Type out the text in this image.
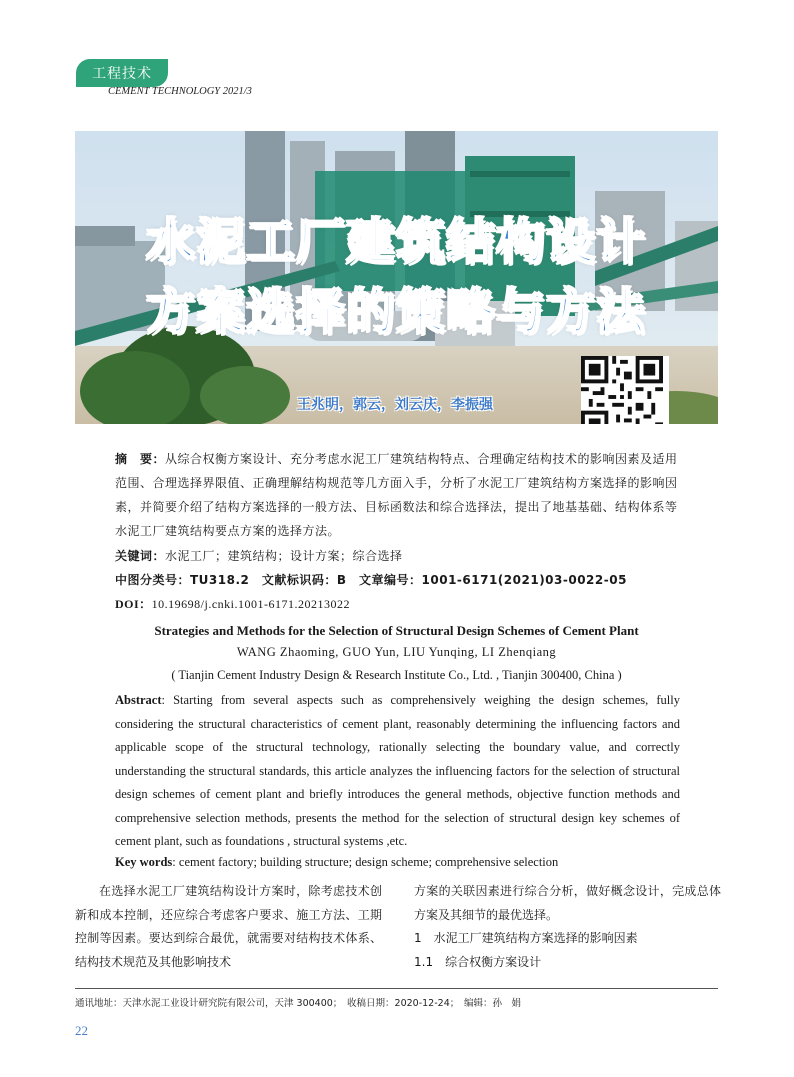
工程技术
CEMENT TECHNOLOGY 2021/3
水泥工厂建筑结构设计
方案选择的策略与方法
王兆明，郭云，刘云庆，李振强
摘　要：从综合权衡方案设计、充分考虑水泥工厂建筑结构特点、合理确定结构技术的影响因素及适用范围、合理选择界限值、正确理解结构规范等几方面入手，分析了水泥工厂建筑结构方案选择的影响因素，并简要介绍了结构方案选择的一般方法、目标函数法和综合选择法，提出了地基基础、结构体系等水泥工厂建筑结构要点方案的选择方法。
关键词：水泥工厂；建筑结构；设计方案；综合选择
中图分类号：TU318.2　文献标识码：B　文章编号：1001-6171(2021)03-0022-05
DOI：10.19698/j.cnki.1001-6171.20213022
Strategies and Methods for the Selection of Structural Design Schemes of Cement Plant
WANG Zhaoming, GUO Yun, LIU Yunqing, LI Zhenqiang
( Tianjin Cement Industry Design & Research Institute Co., Ltd. , Tianjin 300400, China )
Abstract: Starting from several aspects such as comprehensively weighing the design schemes, fully considering the structural characteristics of cement plant, reasonably determining the influencing factors and applicable scope of the structural technology, rationally selecting the boundary value, and correctly understanding the structural standards, this article analyzes the influencing factors for the selection of structural design schemes of cement plant and briefly introduces the general methods, objective function methods and comprehensive selection methods, presents the method for the selection of structural design key schemes of cement plant, such as foundations , structural systems ,etc.
Key words: cement factory; building structure; design scheme; comprehensive selection

在选择水泥工厂建筑结构设计方案时，除考虑技术创新和成本控制，还应综合考虑客户要求、施工方法、工期控制等因素。要达到综合最优，就需要对结构技术体系、结构技术规范及其他影响技术

方案的关联因素进行综合分析，做好概念设计，完成总体方案及其细节的最优选择。

1　水泥工厂建筑结构方案选择的影响因素

1.1　综合权衡方案设计

通讯地址：天津水泥工业设计研究院有限公司，天津 300400；　收稿日期：2020-12-24；　编辑：孙　娟
22
